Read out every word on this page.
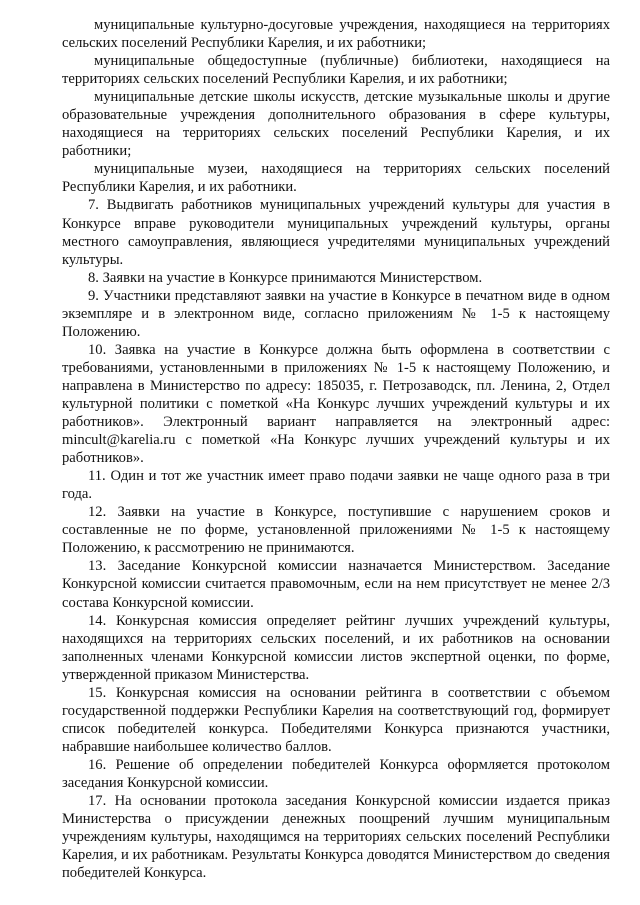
муниципальные культурно-досуговые учреждения, находящиеся на территориях сельских поселений Республики Карелия, и их работники;

муниципальные общедоступные (публичные) библиотеки, находящиеся на территориях сельских поселений Республики Карелия, и их работники;

муниципальные детские школы искусств, детские музыкальные школы и другие образовательные учреждения дополнительного образования в сфере культуры, находящиеся на территориях сельских поселений Республики Карелия, и их работники;

муниципальные музеи, находящиеся на территориях сельских поселений Республики Карелия, и их работники.

7. Выдвигать работников муниципальных учреждений культуры для участия в Конкурсе вправе руководители муниципальных учреждений культуры, органы местного самоуправления, являющиеся учредителями муниципальных учреждений культуры.

8. Заявки на участие в Конкурсе принимаются Министерством.

9. Участники представляют заявки на участие в Конкурсе в печатном виде в одном экземпляре и в электронном виде, согласно приложениям № 1-5 к настоящему Положению.

10. Заявка на участие в Конкурсе должна быть оформлена в соответствии с требованиями, установленными в приложениях № 1-5 к настоящему Положению, и направлена в Министерство по адресу: 185035, г. Петрозаводск, пл. Ленина, 2, Отдел культурной политики с пометкой «На Конкурс лучших учреждений культуры и их работников». Электронный вариант направляется на электронный адрес: mincult@karelia.ru с пометкой «На Конкурс лучших учреждений культуры и их работников».

11. Один и тот же участник имеет право подачи заявки не чаще одного раза в три года.

12. Заявки на участие в Конкурсе, поступившие с нарушением сроков и составленные не по форме, установленной приложениями № 1-5 к настоящему Положению, к рассмотрению не принимаются.

13. Заседание Конкурсной комиссии назначается Министерством. Заседание Конкурсной комиссии считается правомочным, если на нем присутствует не менее 2/3 состава Конкурсной комиссии.

14. Конкурсная комиссия определяет рейтинг лучших учреждений культуры, находящихся на территориях сельских поселений, и их работников на основании заполненных членами Конкурсной комиссии листов экспертной оценки, по форме, утвержденной приказом Министерства.

15. Конкурсная комиссия на основании рейтинга в соответствии с объемом государственной поддержки Республики Карелия на соответствующий год, формирует список победителей конкурса. Победителями Конкурса признаются участники, набравшие наибольшее количество баллов.

16. Решение об определении победителей Конкурса оформляется протоколом заседания Конкурсной комиссии.

17. На основании протокола заседания Конкурсной комиссии издается приказ Министерства о присуждении денежных поощрений лучшим муниципальным учреждениям культуры, находящимся на территориях сельских поселений Республики Карелия, и их работникам. Результаты Конкурса доводятся Министерством до сведения победителей Конкурса.
